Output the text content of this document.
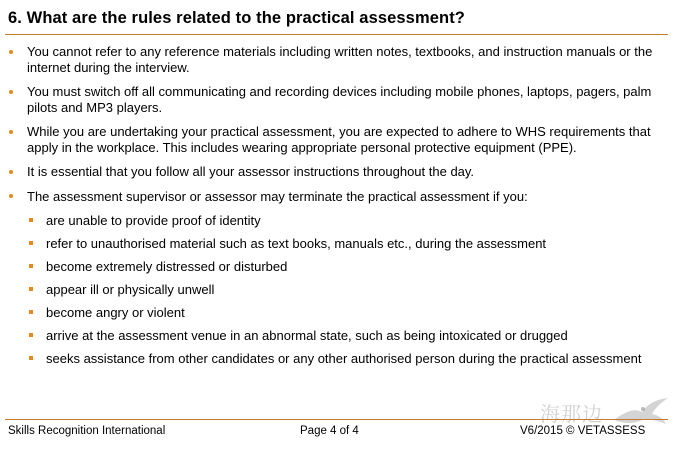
6. What are the rules related to the practical assessment?
You cannot refer to any reference materials including written notes, textbooks, and instruction manuals or the internet during the interview.
You must switch off all communicating and recording devices including mobile phones, laptops, pagers, palm pilots and MP3 players.
While you are undertaking your practical assessment, you are expected to adhere to WHS requirements that apply in the workplace. This includes wearing appropriate personal protective equipment (PPE).
It is essential that you follow all your assessor instructions throughout the day.
The assessment supervisor or assessor may terminate the practical assessment if you:
are unable to provide proof of identity
refer to unauthorised material such as text books, manuals etc., during the assessment
become extremely distressed or disturbed
appear ill or physically unwell
become angry or violent
arrive at the assessment venue in an abnormal state, such as being intoxicated or drugged
seeks assistance from other candidates or any other authorised person during the practical assessment
海那边
Skills Recognition International	Page 4 of 4	V6/2015 © VETASSESS
